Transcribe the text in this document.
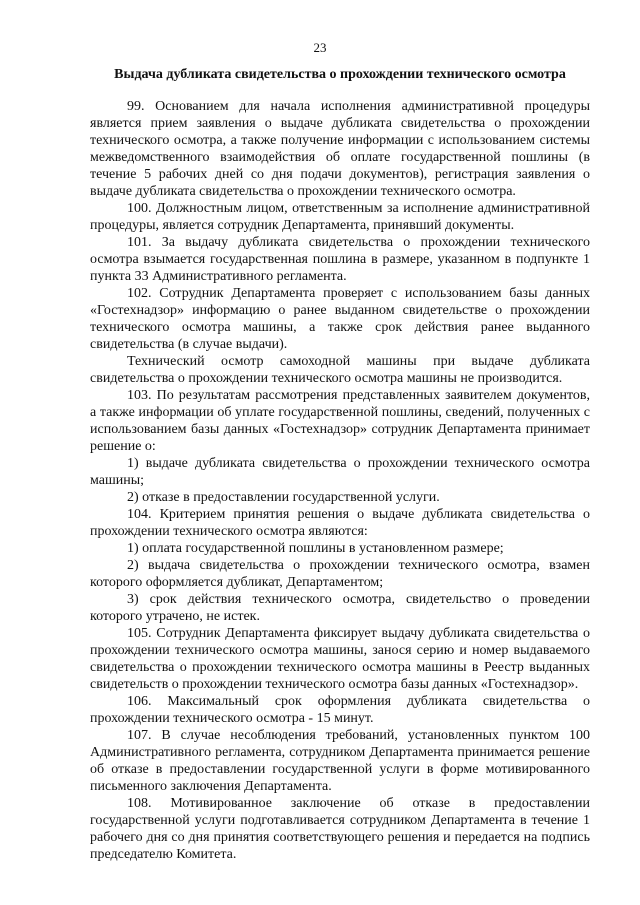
23
Выдача дубликата свидетельства о прохождении технического осмотра

99. Основанием для начала исполнения административной процедуры является прием заявления о выдаче дубликата свидетельства о прохождении технического осмотра, а также получение информации с использованием системы межведомственного взаимодействия об оплате государственной пошлины (в течение 5 рабочих дней со дня подачи документов), регистрация заявления о выдаче дубликата свидетельства о прохождении технического осмотра.

100. Должностным лицом, ответственным за исполнение административной процедуры, является сотрудник Департамента, принявший документы.

101. За выдачу дубликата свидетельства о прохождении технического осмотра взымается государственная пошлина в размере, указанном в подпункте 1 пункта 33 Административного регламента.

102. Сотрудник Департамента проверяет с использованием базы данных «Гостехнадзор» информацию о ранее выданном свидетельстве о прохождении технического осмотра машины, а также срок действия ранее выданного свидетельства (в случае выдачи).

Технический осмотр самоходной машины при выдаче дубликата свидетельства о прохождении технического осмотра машины не производится.

103. По результатам рассмотрения представленных заявителем документов, а также информации об уплате государственной пошлины, сведений, полученных с использованием базы данных «Гостехнадзор» сотрудник Департамента принимает решение о:

1) выдаче дубликата свидетельства о прохождении технического осмотра машины;

2) отказе в предоставлении государственной услуги.

104. Критерием принятия решения о выдаче дубликата свидетельства о прохождении технического осмотра являются:

1) оплата государственной пошлины в установленном размере;

2) выдача свидетельства о прохождении технического осмотра, взамен которого оформляется дубликат, Департаментом;

3) срок действия технического осмотра, свидетельство о проведении которого утрачено, не истек.

105. Сотрудник Департамента фиксирует выдачу дубликата свидетельства о прохождении технического осмотра машины, занося серию и номер выдаваемого свидетельства о прохождении технического осмотра машины в Реестр выданных свидетельств о прохождении технического осмотра базы данных «Гостехнадзор».

106. Максимальный срок оформления дубликата свидетельства о прохождении технического осмотра - 15 минут.

107. В случае несоблюдения требований, установленных пунктом 100 Административного регламента, сотрудником Департамента принимается решение об отказе в предоставлении государственной услуги в форме мотивированного письменного заключения Департамента.

108. Мотивированное заключение об отказе в предоставлении государственной услуги подготавливается сотрудником Департамента в течение 1 рабочего дня со дня принятия соответствующего решения и передается на подпись председателю Комитета.
